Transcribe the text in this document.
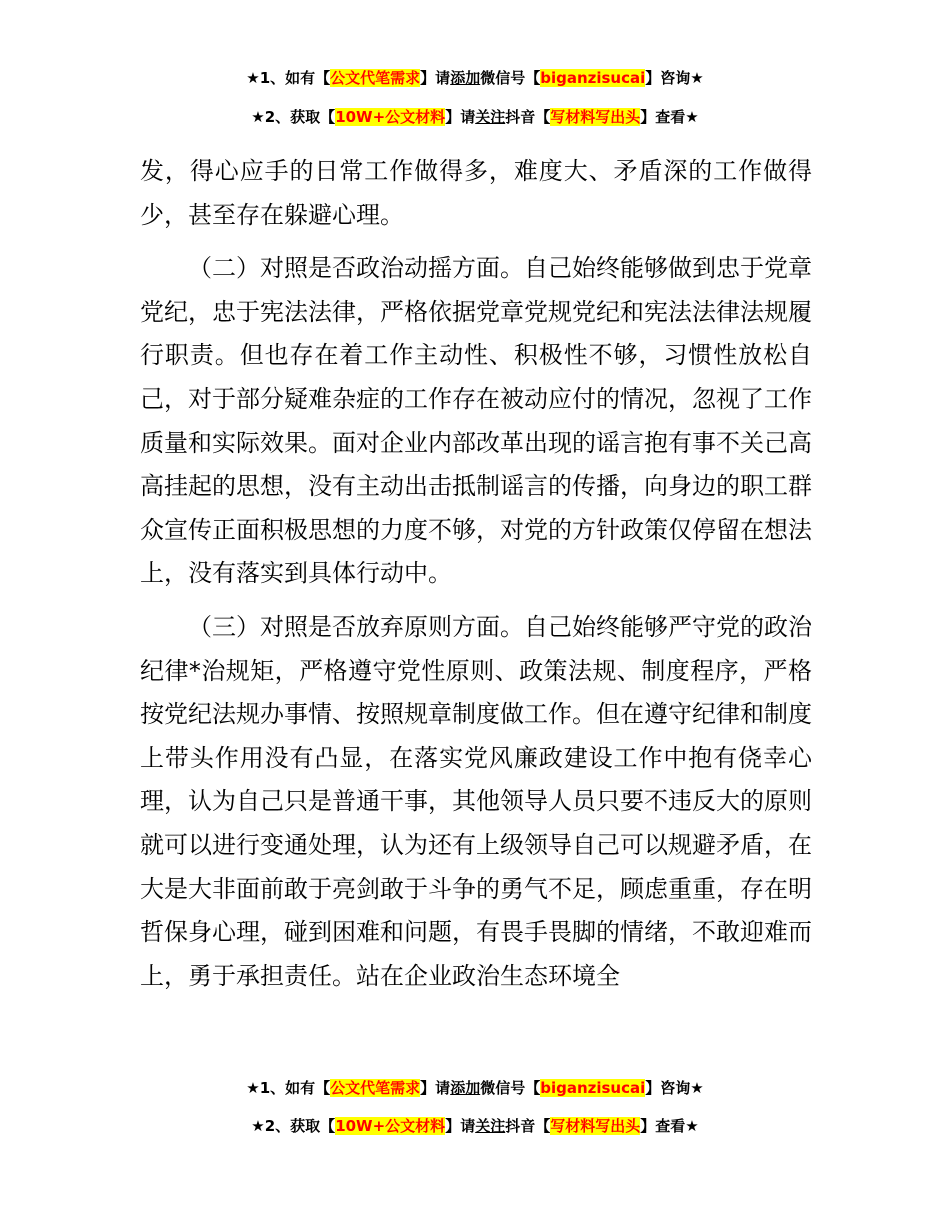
★1、如有【公文代笔需求】请添加微信号【biganzisucai】咨询★
★2、获取【10W+公文材料】请关注抖音【写材料写出头】查看★

发，得心应手的日常工作做得多，难度大、矛盾深的工作做得少，甚至存在躲避心理。

（二）对照是否政治动摇方面。自己始终能够做到忠于党章党纪，忠于宪法法律，严格依据党章党规党纪和宪法法律法规履行职责。但也存在着工作主动性、积极性不够，习惯性放松自己，对于部分疑难杂症的工作存在被动应付的情况，忽视了工作质量和实际效果。面对企业内部改革出现的谣言抱有事不关己高高挂起的思想，没有主动出击抵制谣言的传播，向身边的职工群众宣传正面积极思想的力度不够，对党的方针政策仅停留在想法上，没有落实到具体行动中。

（三）对照是否放弃原则方面。自己始终能够严守党的政治纪律*治规矩，严格遵守党性原则、政策法规、制度程序，严格按党纪法规办事情、按照规章制度做工作。但在遵守纪律和制度上带头作用没有凸显，在落实党风廉政建设工作中抱有侥幸心理，认为自己只是普通干事，其他领导人员只要不违反大的原则就可以进行变通处理，认为还有上级领导自己可以规避矛盾，在大是大非面前敢于亮剑敢于斗争的勇气不足，顾虑重重，存在明哲保身心理，碰到困难和问题，有畏手畏脚的情绪，不敢迎难而上，勇于承担责任。站在企业政治生态环境全

★1、如有【公文代笔需求】请添加微信号【biganzisucai】咨询★
★2、获取【10W+公文材料】请关注抖音【写材料写出头】查看★
